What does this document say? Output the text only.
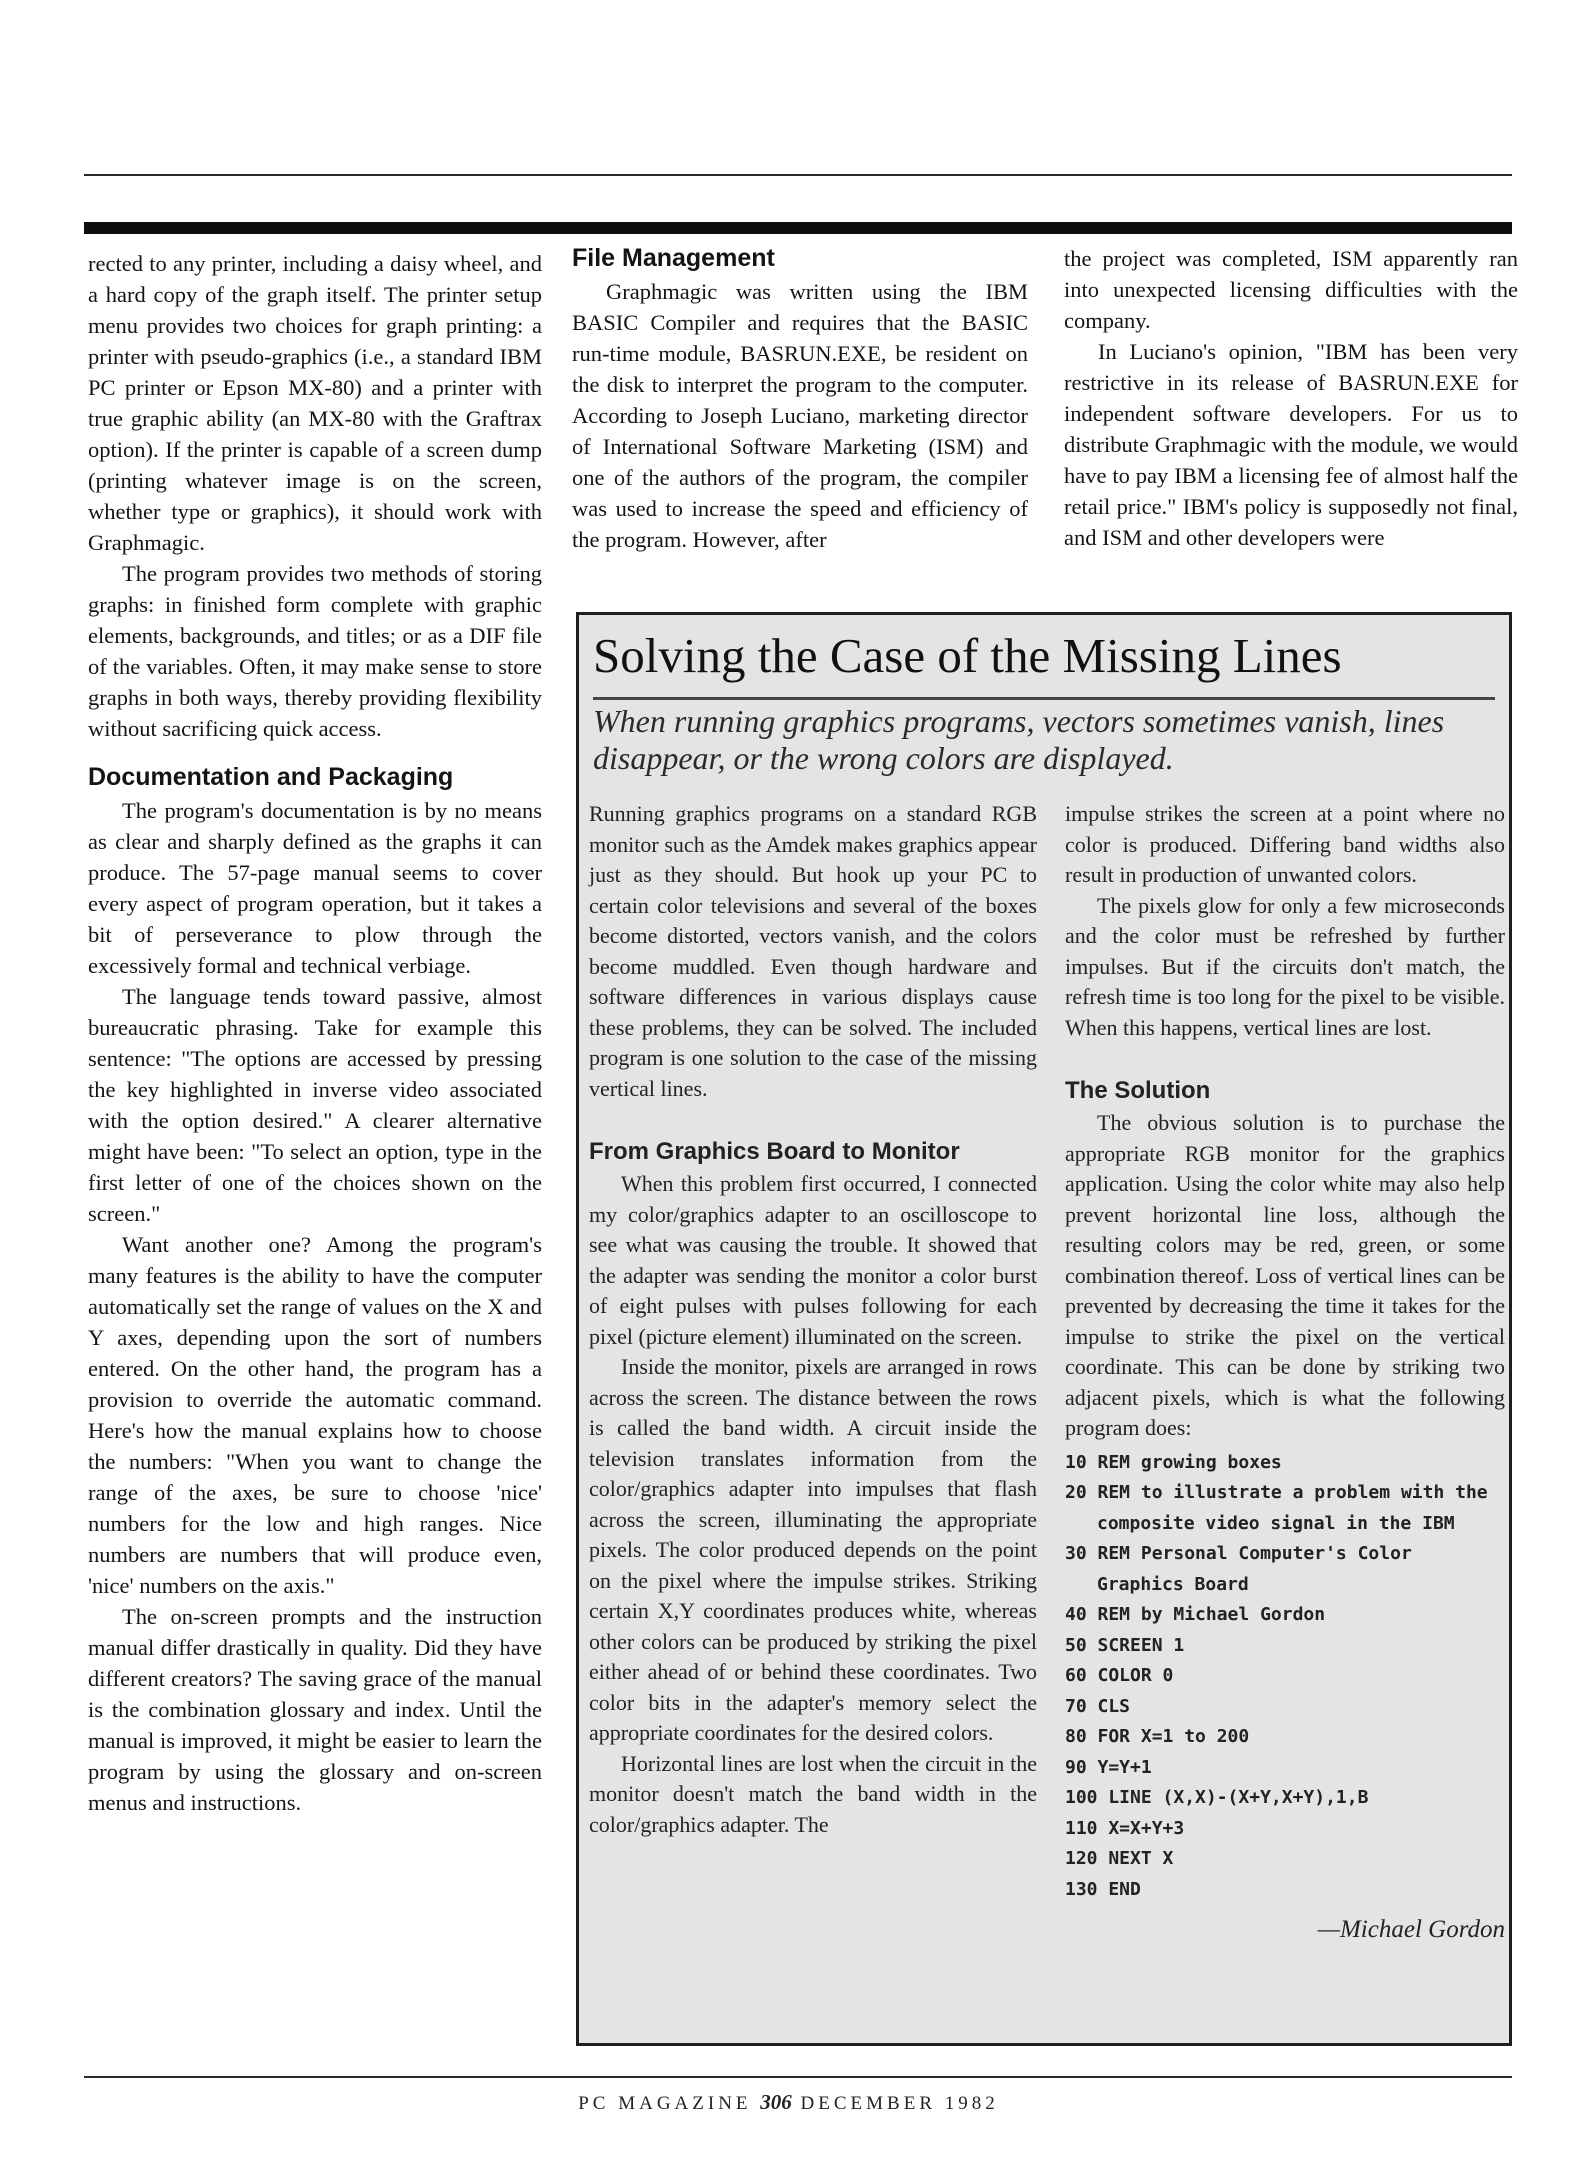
rected to any printer, including a daisy wheel, and a hard copy of the graph itself. The printer setup menu provides two choices for graph printing: a printer with pseudo-graphics (i.e., a standard IBM PC printer or Epson MX-80) and a printer with true graphic ability (an MX-80 with the Graftrax option). If the printer is capable of a screen dump (printing whatever image is on the screen, whether type or graphics), it should work with Graphmagic.

The program provides two methods of storing graphs: in finished form complete with graphic elements, backgrounds, and titles; or as a DIF file of the variables. Often, it may make sense to store graphs in both ways, thereby providing flexibility without sacrificing quick access.

Documentation and Packaging

The program's documentation is by no means as clear and sharply defined as the graphs it can produce. The 57-page manual seems to cover every aspect of program operation, but it takes a bit of perseverance to plow through the excessively formal and technical verbiage.

The language tends toward passive, almost bureaucratic phrasing. Take for example this sentence: "The options are accessed by pressing the key highlighted in inverse video associated with the option desired." A clearer alternative might have been: "To select an option, type in the first letter of one of the choices shown on the screen."

Want another one? Among the program's many features is the ability to have the computer automatically set the range of values on the X and Y axes, depending upon the sort of numbers entered. On the other hand, the program has a provision to override the automatic command. Here's how the manual explains how to choose the numbers: "When you want to change the range of the axes, be sure to choose 'nice' numbers for the low and high ranges. Nice numbers are numbers that will produce even, 'nice' numbers on the axis."

The on-screen prompts and the instruction manual differ drastically in quality. Did they have different creators? The saving grace of the manual is the combination glossary and index. Until the manual is improved, it might be easier to learn the program by using the glossary and on-screen menus and instructions.

File Management

Graphmagic was written using the IBM BASIC Compiler and requires that the BASIC run-time module, BASRUN.EXE, be resident on the disk to interpret the program to the computer. According to Joseph Luciano, marketing director of International Software Marketing (ISM) and one of the authors of the program, the compiler was used to increase the speed and efficiency of the program. However, after

the project was completed, ISM apparently ran into unexpected licensing difficulties with the company.

In Luciano's opinion, "IBM has been very restrictive in its release of BASRUN.EXE for independent software developers. For us to distribute Graphmagic with the module, we would have to pay IBM a licensing fee of almost half the retail price." IBM's policy is supposedly not final, and ISM and other developers were

Solving the Case of the Missing Lines

When running graphics programs, vectors sometimes vanish, lines disappear, or the wrong colors are displayed.

Running graphics programs on a standard RGB monitor such as the Amdek makes graphics appear just as they should. But hook up your PC to certain color televisions and several of the boxes become distorted, vectors vanish, and the colors become muddled. Even though hardware and software differences in various displays cause these problems, they can be solved. The included program is one solution to the case of the missing vertical lines.

From Graphics Board to Monitor

When this problem first occurred, I connected my color/graphics adapter to an oscilloscope to see what was causing the trouble. It showed that the adapter was sending the monitor a color burst of eight pulses with pulses following for each pixel (picture element) illuminated on the screen.

Inside the monitor, pixels are arranged in rows across the screen. The distance between the rows is called the band width. A circuit inside the television translates information from the color/graphics adapter into impulses that flash across the screen, illuminating the appropriate pixels. The color produced depends on the point on the pixel where the impulse strikes. Striking certain X,Y coordinates produces white, whereas other colors can be produced by striking the pixel either ahead of or behind these coordinates. Two color bits in the adapter's memory select the appropriate coordinates for the desired colors.

Horizontal lines are lost when the circuit in the monitor doesn't match the band width in the color/graphics adapter. The

impulse strikes the screen at a point where no color is produced. Differing band widths also result in production of unwanted colors.

The pixels glow for only a few microseconds and the color must be refreshed by further impulses. But if the circuits don't match, the refresh time is too long for the pixel to be visible. When this happens, vertical lines are lost.

The Solution

The obvious solution is to purchase the appropriate RGB monitor for the graphics application. Using the color white may also help prevent horizontal line loss, although the resulting colors may be red, green, or some combination thereof. Loss of vertical lines can be prevented by decreasing the time it takes for the impulse to strike the pixel on the vertical coordinate. This can be done by striking two adjacent pixels, which is what the following program does:

10 REM growing boxes
20 REM to illustrate a problem with the composite video signal in the IBM
30 REM Personal Computer's Color Graphics Board
40 REM by Michael Gordon
50 SCREEN 1
60 COLOR 0
70 CLS
80 FOR X=1 to 200
90 Y=Y+1
100 LINE (X,X)-(X+Y,X+Y),1,B
110 X=X+Y+3
120 NEXT X
130 END
—Michael Gordon
PC MAGAZINE 306 DECEMBER 1982
